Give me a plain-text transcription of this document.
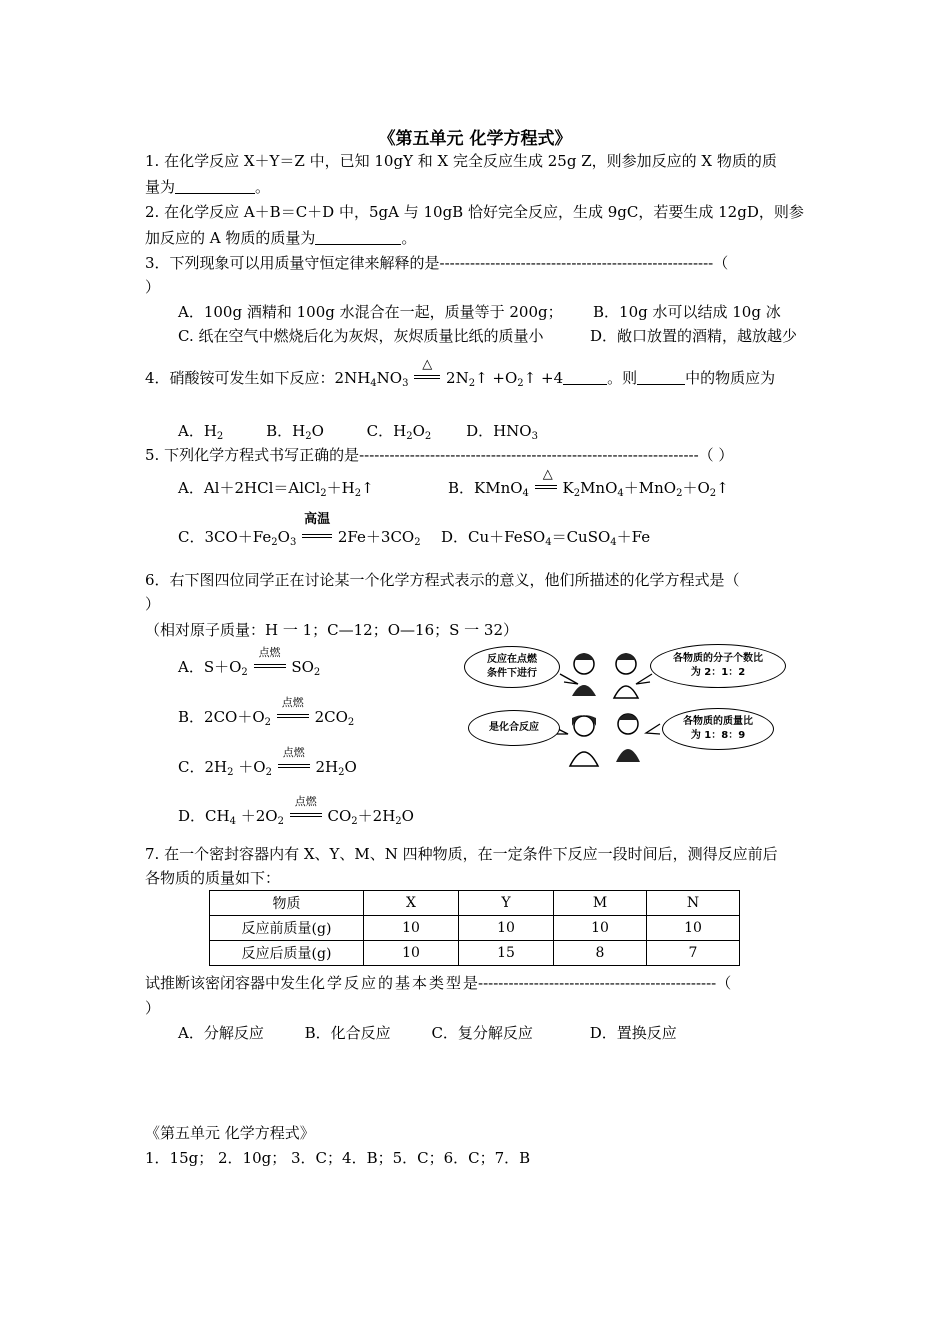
《第五单元 化学方程式》
1. 在化学反应 X＋Y＝Z 中，已知 10gY 和 X 完全反应生成 25g Z，则参加反应的 X 物质的质
量为	。
2. 在化学反应 A＋B＝C＋D 中，5gA 与 10gB 恰好完全反应，生成 9gC，若要生成 12gD，则参
加反应的 A 物质的质量为	。
3．下列现象可以用质量守恒定律来解释的是------------------------------------------------------（
）
A．100g 酒精和 100g 水混合在一起，质量等于 200g； B．10g 水可以结成 10g 冰
C. 纸在空气中燃烧后化为灰烬，灰烬质量比纸的质量小	D．敞口放置的酒精，越放越少
4．硝酸铵可发生如下反应：$2NH_4NO_3$
△
$2N_2↑$ $+O_2↑ +4$	。则	中的物质应为
A．$H_2$	B．$H_2O$	C．$H_2O_2$ D．$HNO_3$
5. 下列化学方程式书写正确的是-------------------------------------------------------------------（ ）
A．$Al+2HCl=AlCl_2+H_2↑$	B．KMnO$_4$
△
$K_2MnO_4+MnO_2+O_2↑$
C．$3CO+Fe_2O_3$
高温
$2Fe+3CO_2$ D．Cu＋FeSO$_4$＝CuSO$_4$＋Fe
6．右下图四位同学正在讨论某一个化学方程式表示的意义，他们所描述的化学方程式是（
）
（相对原子质量：H 一 1；C—12；O—16；S 一 32）
A．$S+O_2$
点燃
$SO_2$
B．$2CO+O_2$
点燃
$2CO_2$
C．$2H_2 +O_2$
点燃
$2H_2O$
D．$CH_4 +2O_2$
点燃
$CO_2+2H_2O$
反应在点燃
条件下进行
各物质的分子个数比
为 2：1：2
是化合反应
各物质的质量比
为 1：8：9
7. 在一个密封容器内有 X、Y、M、N 四种物质，在一定条件下反应一段时间后，测得反应前后
各物质的质量如下：
物质	X	Y	M	N
反应前质量(g)	10	10	10	10
反应后质量(g)	10	15	8	7
试推断该密闭容器中发生化学反应的基本类型是-----------------------------------------------（
）
A．分解反应	B．化合反应	C．复分解反应	D．置换反应
《第五单元 化学方程式》
1．15g； 2．10g； 3．C；4．B；5．C；6．C；7．B
